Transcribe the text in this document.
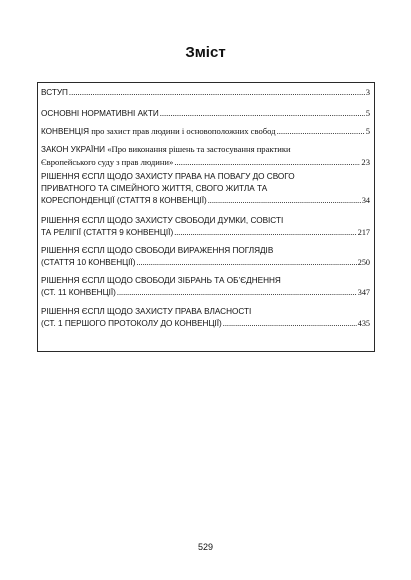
Зміст
ВСТУП .....	3
ОСНОВНІ НОРМАТИВНІ АКТИ .....	5
КОНВЕНЦІЯ про захист прав людини і основоположних свобод .....	5
ЗАКОН УКРАЇНИ «Про виконання рішень та застосування практики
Європейського суду з прав людини» .....	23
РІШЕННЯ ЄСПЛ ЩОДО ЗАХИСТУ ПРАВА НА ПОВАГУ ДО СВОГО
ПРИВАТНОГО ТА СІМЕЙНОГО ЖИТТЯ, СВОГО ЖИТЛА ТА
КОРЕСПОНДЕНЦІЇ (СТАТТЯ 8 КОНВЕНЦІЇ) .....	34
РІШЕННЯ ЄСПЛ ЩОДО ЗАХИСТУ СВОБОДИ ДУМКИ, СОВІСТІ
ТА РЕЛІГІЇ (СТАТТЯ 9 КОНВЕНЦІЇ) .....	217
РІШЕННЯ ЄСПЛ ЩОДО СВОБОДИ ВИРАЖЕННЯ ПОГЛЯДІВ
(СТАТТЯ 10 КОНВЕНЦІЇ) .....	250
РІШЕННЯ ЄСПЛ ЩОДО СВОБОДИ ЗІБРАНЬ ТА ОБ’ЄДНЕННЯ
(СТ. 11 КОНВЕНЦІЇ) .....	347
РІШЕННЯ ЄСПЛ ЩОДО ЗАХИСТУ ПРАВА ВЛАСНОСТІ
(СТ. 1 ПЕРШОГО ПРОТОКОЛУ ДО КОНВЕНЦІЇ) .....	435
529
